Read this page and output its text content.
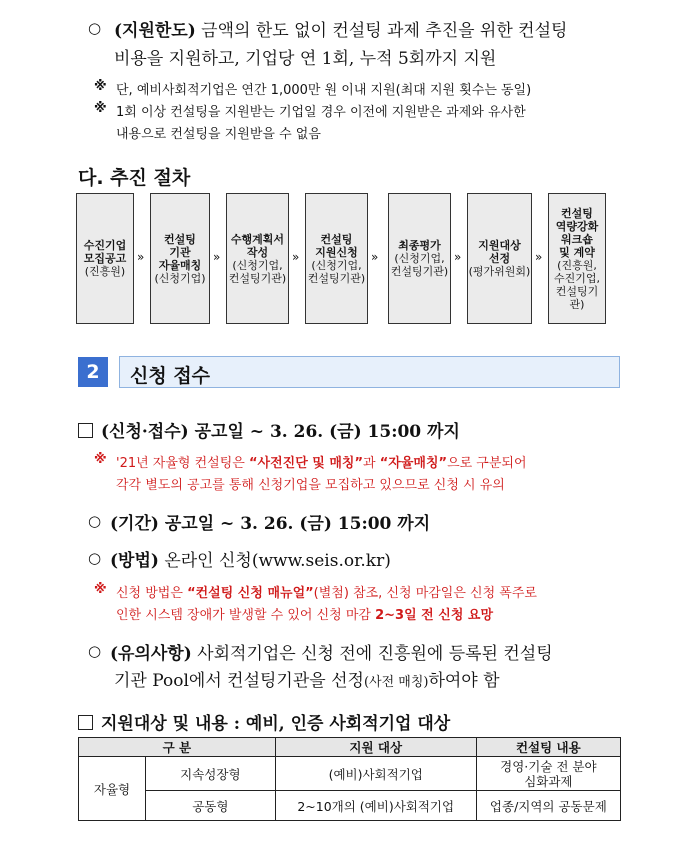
○ (지원한도) 금액의 한도 없이 컨설팅 과제 추진을 위한 컨설팅
비용을 지원하고, 기업당 연 1회, 누적 5회까지 지원
※ 단, 예비사회적기업은 연간 1,000만 원 이내 지원(최대 지원 횟수는 동일)
※ 1회 이상 컨설팅을 지원받는 기업일 경우 이전에 지원받은 과제와 유사한
내용으로 컨설팅을 지원받을 수 없음
다. 추진 절차
수진기업
모집공고
(진흥원)
»
컨설팅
기관
자율매칭
(신청기업)
»
수행계획서
작성
(신청기업,
컨설팅기관)
»
컨설팅
지원신청
(신청기업,
컨설팅기관)
»
최종평가
(신청기업,
컨설팅기관)
»
지원대상
선정
(평가위원회)
»
컨설팅
역량강화
워크숍
및 계약
(진흥원,
수진기업,
컨설팅기관)
2	신청 접수
(신청·접수) 공고일 ~ 3. 26. (금) 15:00 까지
※ '21년 자율형 컨설팅은 “사전진단 및 매칭”과 “자율매칭”으로 구분되어
각각 별도의 공고를 통해 신청기업을 모집하고 있으므로 신청 시 유의
○ (기간) 공고일 ~ 3. 26. (금) 15:00 까지
○ (방법) 온라인 신청(www.seis.or.kr)
※ 신청 방법은 “컨설팅 신청 매뉴얼”(별첨) 참조, 신청 마감일은 신청 폭주로
인한 시스템 장애가 발생할 수 있어 신청 마감 2~3일 전 신청 요망
○ (유의사항) 사회적기업은 신청 전에 진흥원에 등록된 컨설팅
기관 Pool에서 컨설팅기관을 선정(사전 매칭)하여야 함
지원대상 및 내용 : 예비, 인증 사회적기업 대상
구 분		지원 대상	컨설팅 내용
자율형	지속성장형	(예비)사회적기업	경영·기술 전 분야
심화과제

	공동형	2~10개의 (예비)사회적기업	업종/지역의 공동문제
